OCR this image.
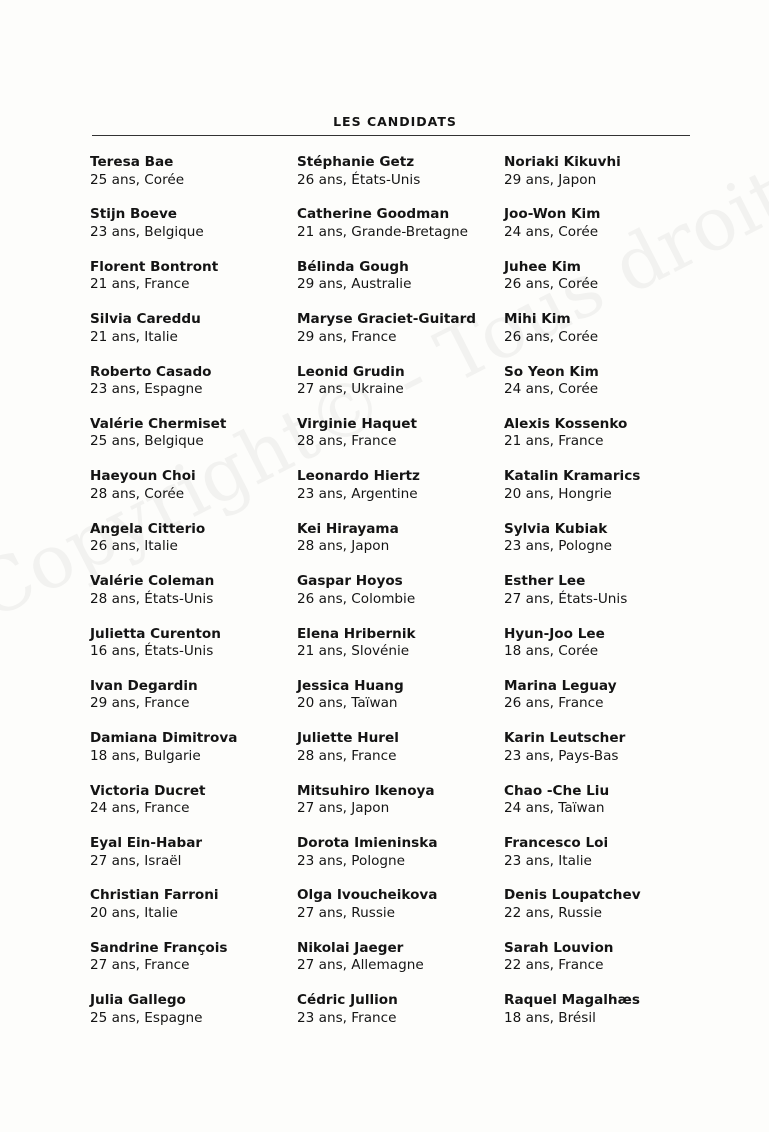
LES CANDIDATS
Teresa Bae
25 ans, Corée
Stijn Boeve
23 ans, Belgique
Florent Bontront
21 ans, France
Silvia Careddu
21 ans, Italie
Roberto Casado
23 ans, Espagne
Valérie Chermiset
25 ans, Belgique
Haeyoun Choi
28 ans, Corée
Angela Citterio
26 ans, Italie
Valérie Coleman
28 ans, États-Unis
Julietta Curenton
16 ans, États-Unis
Ivan Degardin
29 ans, France
Damiana Dimitrova
18 ans, Bulgarie
Victoria Ducret
24 ans, France
Eyal Ein-Habar
27 ans, Israël
Christian Farroni
20 ans, Italie
Sandrine François
27 ans, France
Julia Gallego
25 ans, Espagne
Stéphanie Getz
26 ans, États-Unis
Catherine Goodman
21 ans, Grande-Bretagne
Bélinda Gough
29 ans, Australie
Maryse Graciet-Guitard
29 ans, France
Leonid Grudin
27 ans, Ukraine
Virginie Haquet
28 ans, France
Leonardo Hiertz
23 ans, Argentine
Kei Hirayama
28 ans, Japon
Gaspar Hoyos
26 ans, Colombie
Elena Hribernik
21 ans, Slovénie
Jessica Huang
20 ans, Taïwan
Juliette Hurel
28 ans, France
Mitsuhiro Ikenoya
27 ans, Japon
Dorota Imieninska
23 ans, Pologne
Olga Ivoucheikova
27 ans, Russie
Nikolai Jaeger
27 ans, Allemagne
Cédric Jullion
23 ans, France
Noriaki Kikuvhi
29 ans, Japon
Joo-Won Kim
24 ans, Corée
Juhee Kim
26 ans, Corée
Mihi Kim
26 ans, Corée
So Yeon Kim
24 ans, Corée
Alexis Kossenko
21 ans, France
Katalin Kramarics
20 ans, Hongrie
Sylvia Kubiak
23 ans, Pologne
Esther Lee
27 ans, États-Unis
Hyun-Joo Lee
18 ans, Corée
Marina Leguay
26 ans, France
Karin Leutscher
23 ans, Pays-Bas
Chao -Che Liu
24 ans, Taïwan
Francesco Loi
23 ans, Italie
Denis Loupatchev
22 ans, Russie
Sarah Louvion
22 ans, France
Raquel Magalhæs
18 ans, Brésil
